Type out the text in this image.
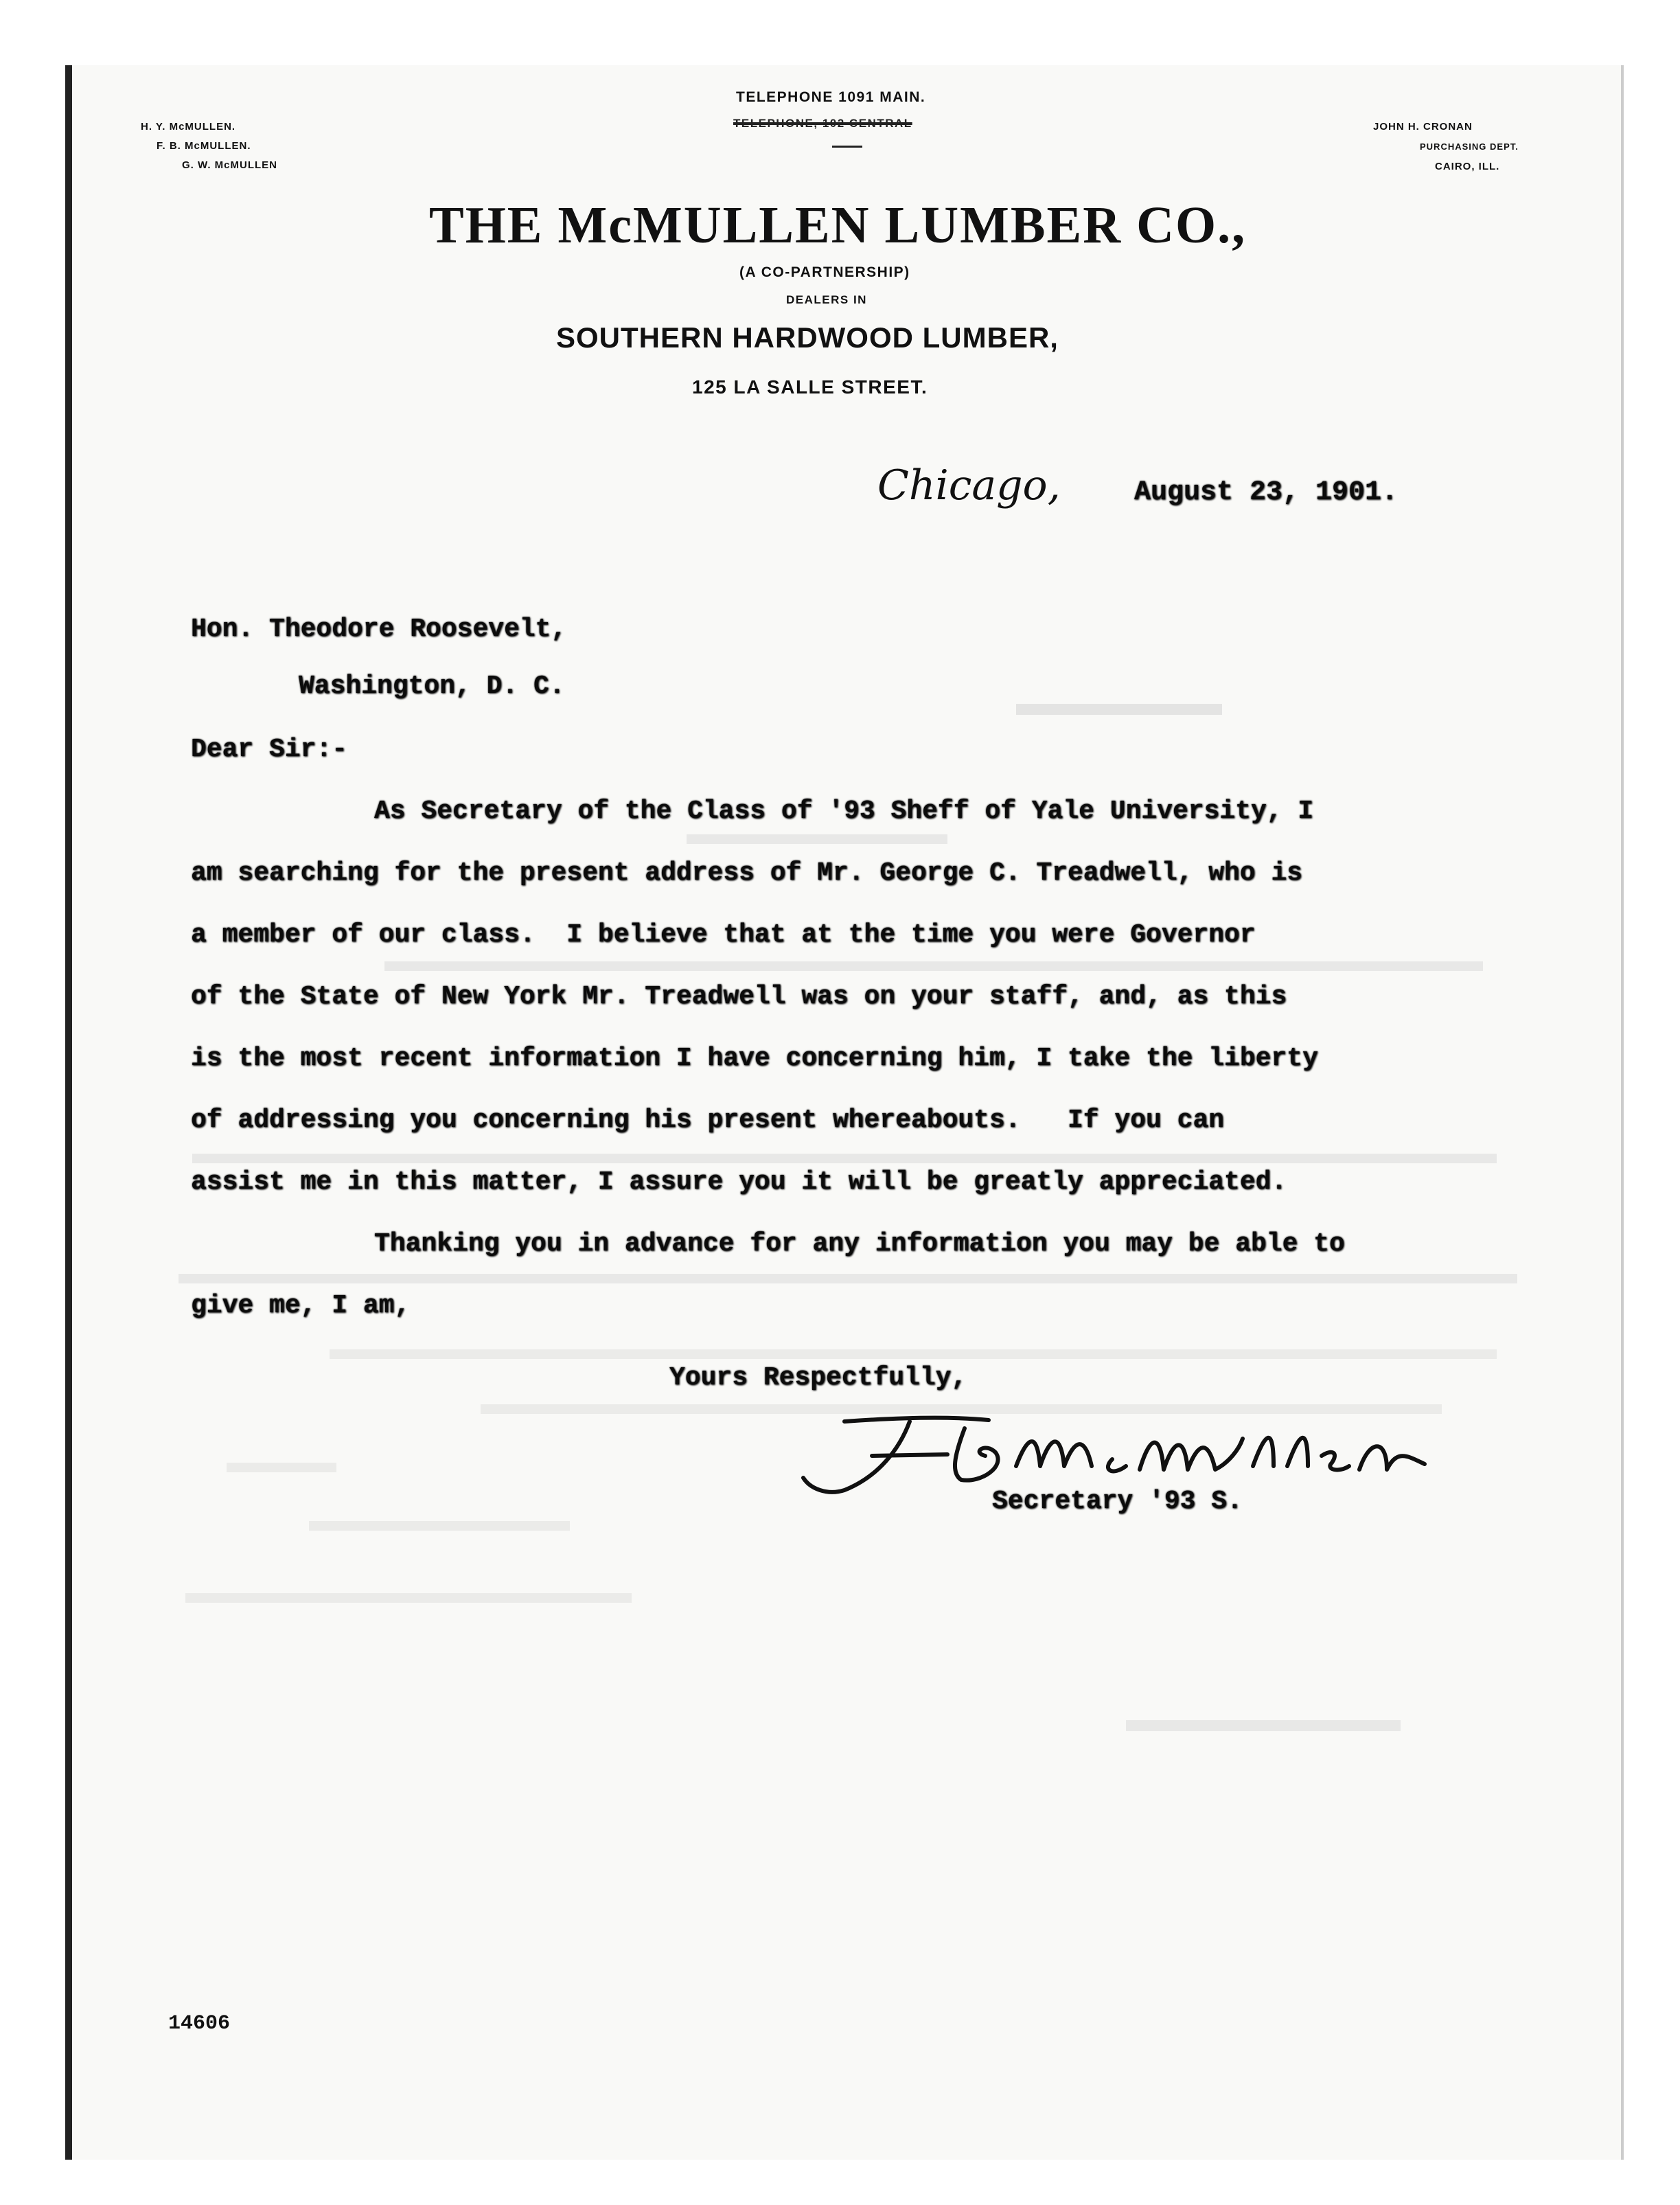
H. Y. McMULLEN.
F. B. McMULLEN.
G. W. McMULLEN
TELEPHONE 1091 MAIN.
TELEPHONE, 102 CENTRAL	JOHN H. CRONAN
PURCHASING DEPT.
CAIRO, ILL.
THE McMULLEN LUMBER CO.,
(A CO-PARTNERSHIP)
DEALERS IN
SOUTHERN HARDWOOD LUMBER,
125 LA SALLE STREET.
Chicago,	August 23, 1901.
Hon. Theodore Roosevelt,
Washington, D. C.
Dear Sir:-
As Secretary of the Class of '93 Sheff of Yale University, I
am searching for the present address of Mr. George C. Treadwell, who is
a member of our class.  I believe that at the time you were Governor
of the State of New York Mr. Treadwell was on your staff, and, as this
is the most recent information I have concerning him, I take the liberty
of addressing you concerning his present whereabouts.   If you can
assist me in this matter, I assure you it will be greatly appreciated.
Thanking you in advance for any information you may be able to
give me, I am,
Yours Respectfully,
F. B. McMullen	Secretary '93 S.
14606
